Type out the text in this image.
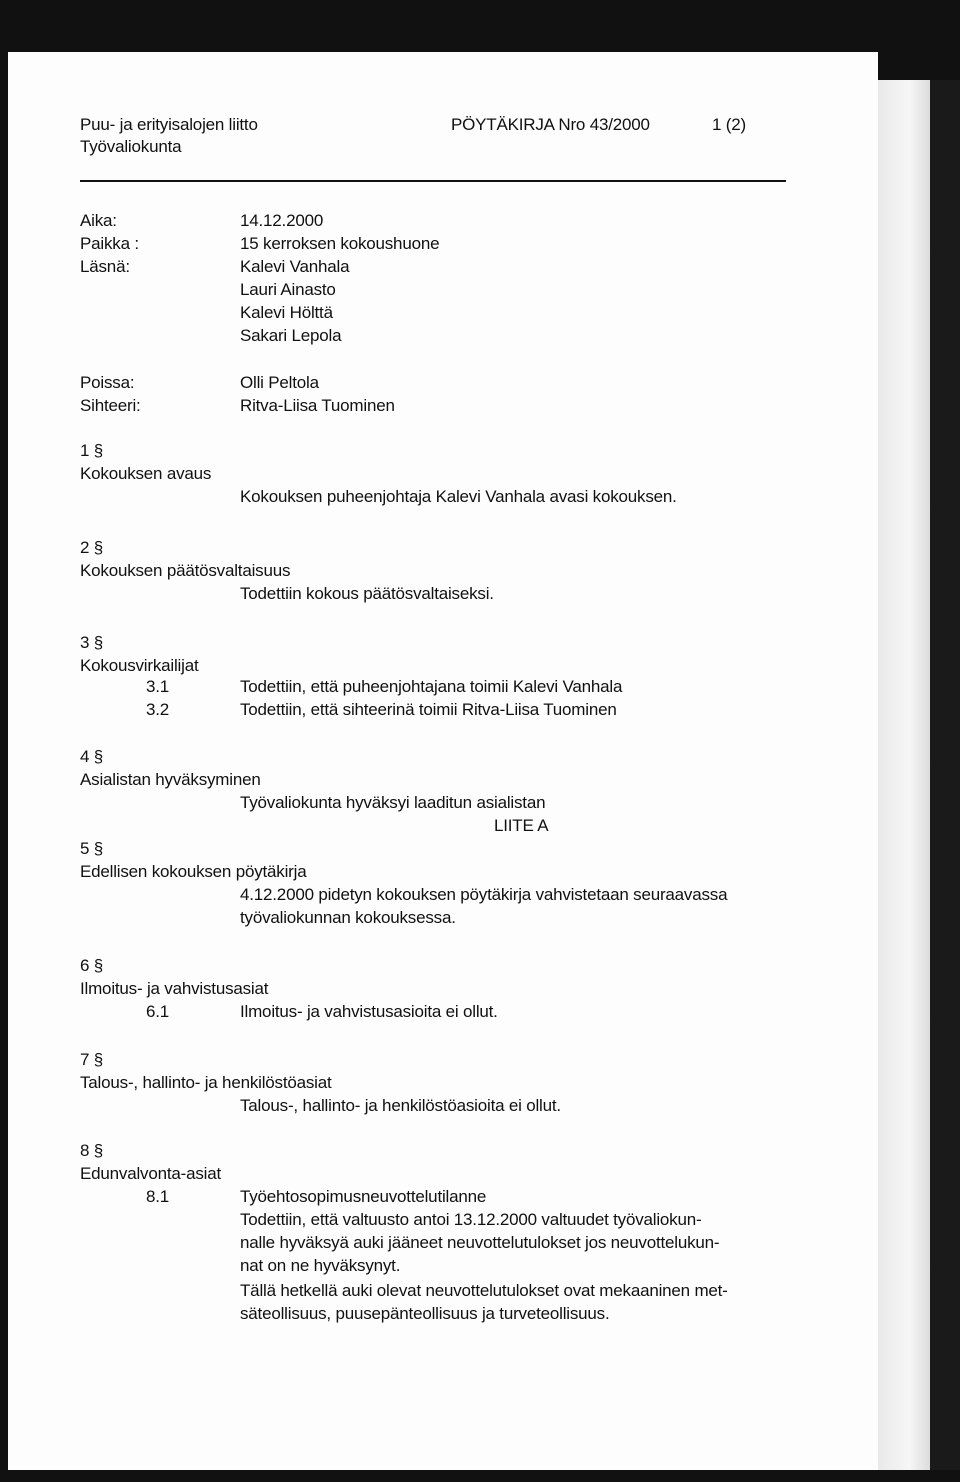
Puu- ja erityisalojen liitto
Työvaliokunta
PÖYTÄKIRJA Nro 43/2000	1 (2)
Aika:	14.12.2000
Paikka :	15 kerroksen kokoushuone
Läsnä:	Kalevi Vanhala
Lauri Ainasto
Kalevi Hölttä
Sakari Lepola
Poissa:	Olli Peltola
Sihteeri:	Ritva-Liisa Tuominen
1 §
Kokouksen avaus
Kokouksen puheenjohtaja Kalevi Vanhala avasi kokouksen.
2 §
Kokouksen päätösvaltaisuus
Todettiin kokous päätösvaltaiseksi.
3 §
Kokousvirkailijat
3.1	Todettiin, että puheenjohtajana toimii Kalevi Vanhala
3.2	Todettiin, että sihteerinä toimii Ritva-Liisa Tuominen
4 §
Asialistan hyväksyminen
Työvaliokunta hyväksyi laaditun asialistan
LIITE A
5 §
Edellisen kokouksen pöytäkirja
4.12.2000 pidetyn kokouksen pöytäkirja vahvistetaan seuraavassa
työvaliokunnan kokouksessa.
6 §
Ilmoitus- ja vahvistusasiat
6.1	Ilmoitus- ja vahvistusasioita ei ollut.
7 §
Talous-, hallinto- ja henkilöstöasiat
Talous-, hallinto- ja henkilöstöasioita ei ollut.
8 §
Edunvalvonta-asiat
8.1	Työehtosopimusneuvottelutilanne
Todettiin, että valtuusto antoi 13.12.2000 valtuudet työvaliokun-
nalle hyväksyä auki jääneet neuvottelutulokset jos neuvottelukun-
nat on ne hyväksynyt.
Tällä hetkellä auki olevat neuvottelutulokset ovat mekaaninen met-
säteollisuus, puusepänteollisuus ja turveteollisuus.
